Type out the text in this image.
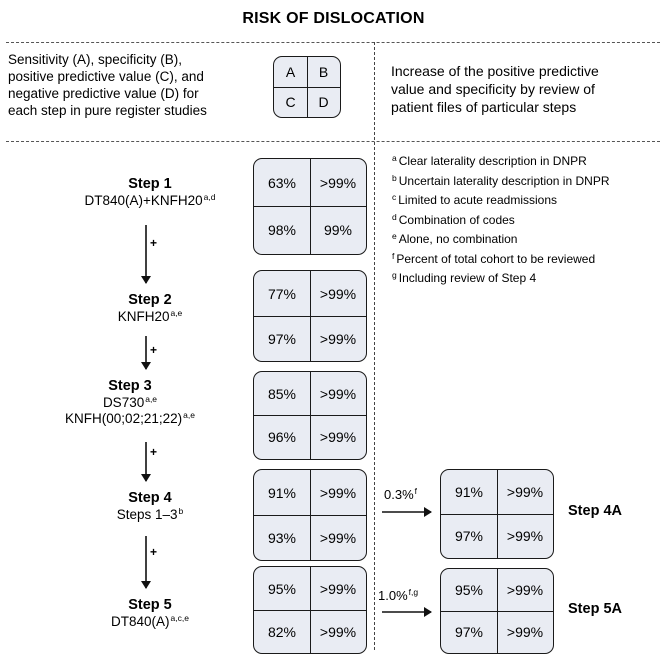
RISK OF DISLOCATION
Sensitivity (A), specificity (B),
positive predictive value (C), and
negative predictive value (D) for
each step in pure register studies
A	B
C	D
Increase of the positive predictive
value and specificity by review of
patient files of particular steps
$^a$ Clear laterality description in DNPR
$^b$ Uncertain laterality description in DNPR
$^c$ Limited to acute readmissions
$^d$ Combination of codes
$^e$ Alone, no combination
$^f$ Percent of total cohort to be reviewed
$^g$ Including review of Step 4
Step 1
$DT840(A)+KNFH20^{a,d}$
Step 2
KNFH20$^{a,e}$
Step 3
DS730$^{a,e}$
KNFH(00;02;21;22)$^{a,e}$
Step 4
Steps 1–3$^b$
Step 5
$DT840(A)^{a,c,e}$
+
+
+
+
63%	>99%
98%	99%
77%	>99%
97%	>99%
85%	>99%
96%	>99%
91%	>99%
93%	>99%
95%	>99%
82%	>99%
0.3%$^f$
1.0%$^{f,g}$
91%	>99%
97%	>99%
95%	>99%
97%	>99%
Step 4A
Step 5A
